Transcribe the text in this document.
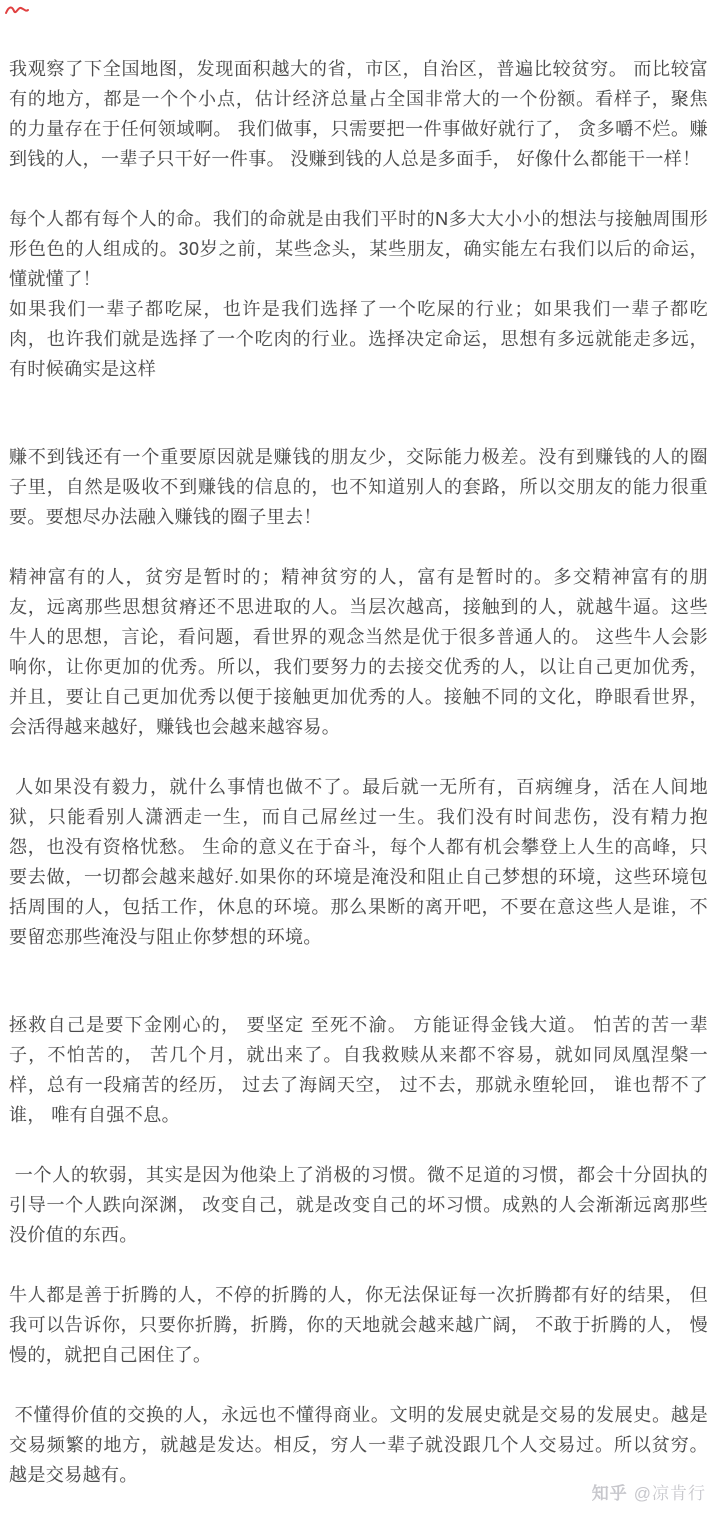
我观察了下全国地图，发现面积越大的省，市区，自治区，普遍比较贫穷。 而比较富有的地方，都是一个个小点，估计经济总量占全国非常大的一个份额。看样子，聚焦的力量存在于任何领域啊。 我们做事，只需要把一件事做好就行了， 贪多嚼不烂。赚到钱的人，一辈子只干好一件事。 没赚到钱的人总是多面手， 好像什么都能干一样！

每个人都有每个人的命。我们的命就是由我们平时的N多大大小小的想法与接触周围形形色色的人组成的。30岁之前，某些念头，某些朋友，确实能左右我们以后的命运，懂就懂了！

如果我们一辈子都吃屎，也许是我们选择了一个吃屎的行业；如果我们一辈子都吃肉，也许我们就是选择了一个吃肉的行业。选择决定命运，思想有多远就能走多远，有时候确实是这样

赚不到钱还有一个重要原因就是赚钱的朋友少，交际能力极差。没有到赚钱的人的圈子里，自然是吸收不到赚钱的信息的，也不知道别人的套路，所以交朋友的能力很重要。要想尽办法融入赚钱的圈子里去！

精神富有的人，贫穷是暂时的；精神贫穷的人，富有是暂时的。多交精神富有的朋友，远离那些思想贫瘠还不思进取的人。当层次越高，接触到的人，就越牛逼。这些牛人的思想，言论，看问题，看世界的观念当然是优于很多普通人的。 这些牛人会影响你，让你更加的优秀。所以，我们要努力的去接交优秀的人，以让自己更加优秀， 并且，要让自己更加优秀以便于接触更加优秀的人。接触不同的文化，睁眼看世界，会活得越来越好，赚钱也会越来越容易。

人如果没有毅力，就什么事情也做不了。最后就一无所有，百病缠身，活在人间地狱，只能看别人潇洒走一生，而自己屌丝过一生。我们没有时间悲伤，没有精力抱怨，也没有资格忧愁。 生命的意义在于奋斗，每个人都有机会攀登上人生的高峰，只要去做，一切都会越来越好.如果你的环境是淹没和阻止自己梦想的环境，这些环境包括周围的人，包括工作，休息的环境。那么果断的离开吧，不要在意这些人是谁，不要留恋那些淹没与阻止你梦想的环境。

拯救自己是要下金刚心的， 要坚定 至死不渝。 方能证得金钱大道。 怕苦的苦一辈子，不怕苦的， 苦几个月，就出来了。自我救赎从来都不容易，就如同凤凰涅槃一样，总有一段痛苦的经历， 过去了海阔天空， 过不去，那就永堕轮回， 谁也帮不了谁， 唯有自强不息。

一个人的软弱，其实是因为他染上了消极的习惯。微不足道的习惯，都会十分固执的引导一个人跌向深渊， 改变自己，就是改变自己的坏习惯。成熟的人会渐渐远离那些没价值的东西。

牛人都是善于折腾的人，不停的折腾的人，你无法保证每一次折腾都有好的结果， 但我可以告诉你，只要你折腾，折腾，你的天地就会越来越广阔， 不敢于折腾的人， 慢慢的，就把自己困住了。

不懂得价值的交换的人，永远也不懂得商业。文明的发展史就是交易的发展史。越是交易频繁的地方，就越是发达。相反，穷人一辈子就没跟几个人交易过。所以贫穷。 越是交易越有。

知乎 @凉肯行
